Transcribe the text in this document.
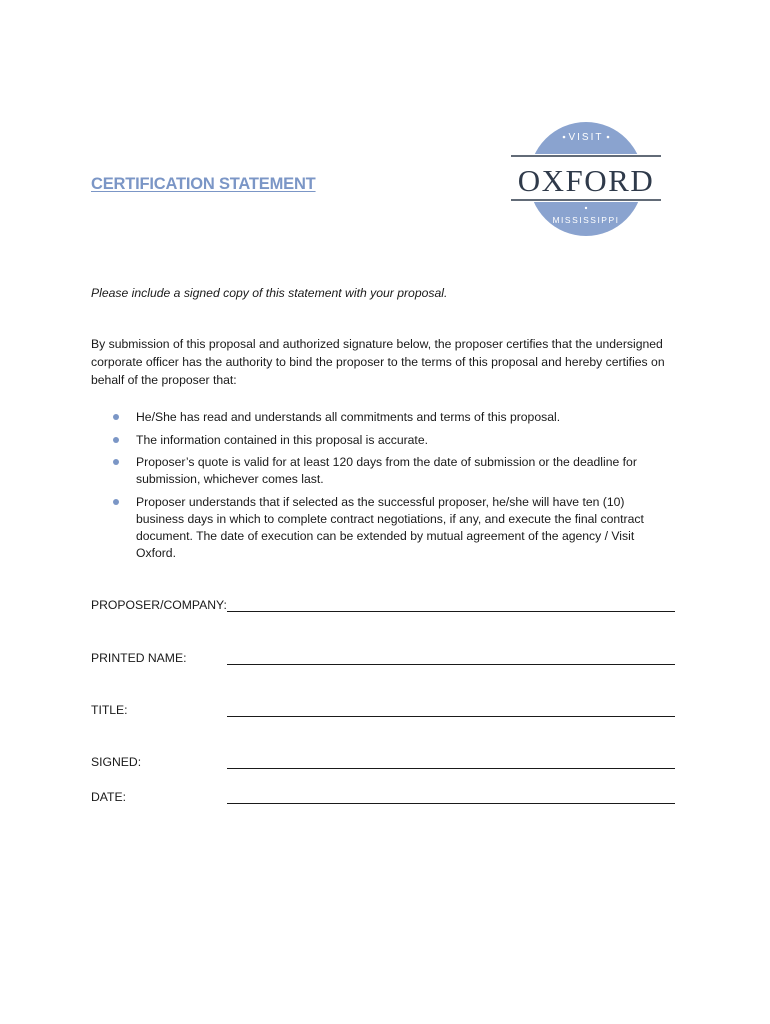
CERTIFICATION STATEMENT
VISIT
OXFORD
MISSISSIPPI
Please include a signed copy of this statement with your proposal.
By submission of this proposal and authorized signature below, the proposer certifies that the undersigned corporate officer has the authority to bind the proposer to the terms of this proposal and hereby certifies on behalf of the proposer that:
He/She has read and understands all commitments and terms of this proposal.
The information contained in this proposal is accurate.
Proposer’s quote is valid for at least 120 days from the date of submission or the deadline for submission, whichever comes last.
Proposer understands that if selected as the successful proposer, he/she will have ten (10) business days in which to complete contract negotiations, if any, and execute the final contract document. The date of execution can be extended by mutual agreement of the agency / Visit Oxford.
PROPOSER/COMPANY:
PRINTED NAME:
TITLE:
SIGNED:
DATE:
